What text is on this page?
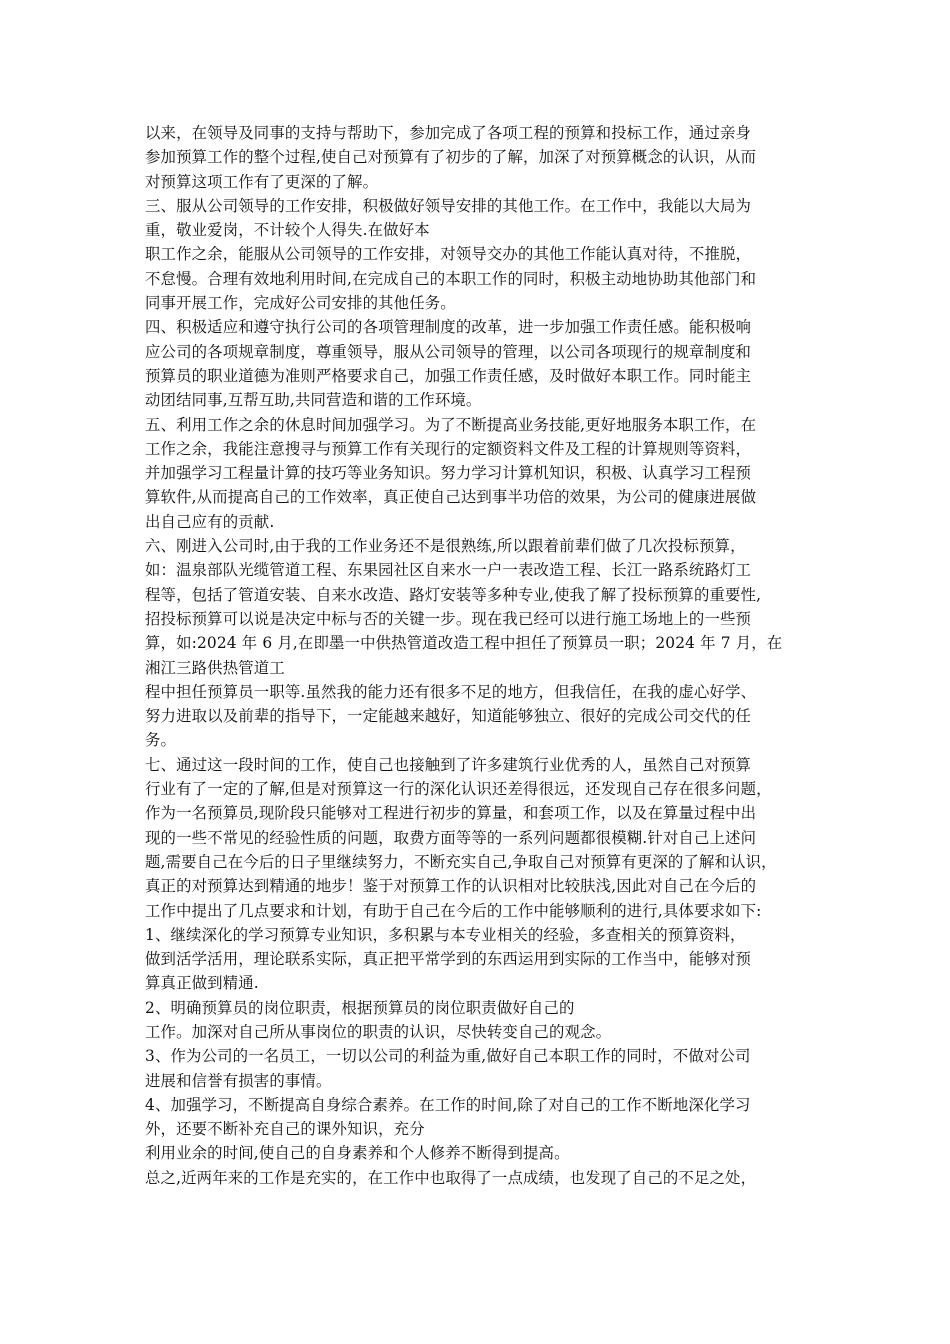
以来，在领导及同事的支持与帮助下，参加完成了各项工程的预算和投标工作，通过亲身
参加预算工作的整个过程,使自己对预算有了初步的了解，加深了对预算概念的认识，从而
对预算这项工作有了更深的了解。
三、服从公司领导的工作安排，积极做好领导安排的其他工作。在工作中，我能以大局为
重，敬业爱岗，不计较个人得失.在做好本
职工作之余，能服从公司领导的工作安排，对领导交办的其他工作能认真对待，不推脱，
不怠慢。合理有效地利用时间,在完成自己的本职工作的同时，积极主动地协助其他部门和
同事开展工作，完成好公司安排的其他任务。
四、积极适应和遵守执行公司的各项管理制度的改革，进一步加强工作责任感。能积极响
应公司的各项规章制度，尊重领导，服从公司领导的管理，以公司各项现行的规章制度和
预算员的职业道德为准则严格要求自己，加强工作责任感，及时做好本职工作。同时能主
动团结同事,互帮互助,共同营造和谐的工作环境。
五、利用工作之余的休息时间加强学习。为了不断提高业务技能,更好地服务本职工作，在
工作之余，我能注意搜寻与预算工作有关现行的定额资料文件及工程的计算规则等资料，
并加强学习工程量计算的技巧等业务知识。努力学习计算机知识，积极、认真学习工程预
算软件,从而提高自己的工作效率，真正使自己达到事半功倍的效果，为公司的健康进展做
出自己应有的贡献.
六、刚进入公司时,由于我的工作业务还不是很熟练,所以跟着前辈们做了几次投标预算，
如：温泉部队光缆管道工程、东果园社区自来水一户一表改造工程、长江一路系统路灯工
程等，包括了管道安装、自来水改造、路灯安装等多种专业,使我了解了投标预算的重要性,
招投标预算可以说是决定中标与否的关键一步。现在我已经可以进行施工场地上的一些预
算，如:2024 年 6 月,在即墨一中供热管道改造工程中担任了预算员一职；2024 年 7 月，在
湘江三路供热管道工
程中担任预算员一职等.虽然我的能力还有很多不足的地方，但我信任，在我的虚心好学、
努力进取以及前辈的指导下，一定能越来越好，知道能够独立、很好的完成公司交代的任
务。
七、通过这一段时间的工作，使自己也接触到了许多建筑行业优秀的人，虽然自己对预算
行业有了一定的了解,但是对预算这一行的深化认识还差得很远，还发现自己存在很多问题，
作为一名预算员,现阶段只能够对工程进行初步的算量，和套项工作，以及在算量过程中出
现的一些不常见的经验性质的问题，取费方面等等的一系列问题都很模糊.针对自己上述问
题,需要自己在今后的日子里继续努力，不断充实自己,争取自己对预算有更深的了解和认识，
真正的对预算达到精通的地步！鉴于对预算工作的认识相对比较肤浅,因此对自己在今后的
工作中提出了几点要求和计划，有助于自己在今后的工作中能够顺利的进行,具体要求如下:
1、继续深化的学习预算专业知识，多积累与本专业相关的经验，多查相关的预算资料，
做到活学活用，理论联系实际，真正把平常学到的东西运用到实际的工作当中，能够对预
算真正做到精通.
2、明确预算员的岗位职责，根据预算员的岗位职责做好自己的
工作。加深对自己所从事岗位的职责的认识，尽快转变自己的观念。
3、作为公司的一名员工，一切以公司的利益为重,做好自己本职工作的同时，不做对公司
进展和信誉有损害的事情。
4、加强学习，不断提高自身综合素养。在工作的时间,除了对自己的工作不断地深化学习
外，还要不断补充自己的课外知识，充分
利用业余的时间,使自己的自身素养和个人修养不断得到提高。
总之,近两年来的工作是充实的，在工作中也取得了一点成绩，也发现了自己的不足之处，
